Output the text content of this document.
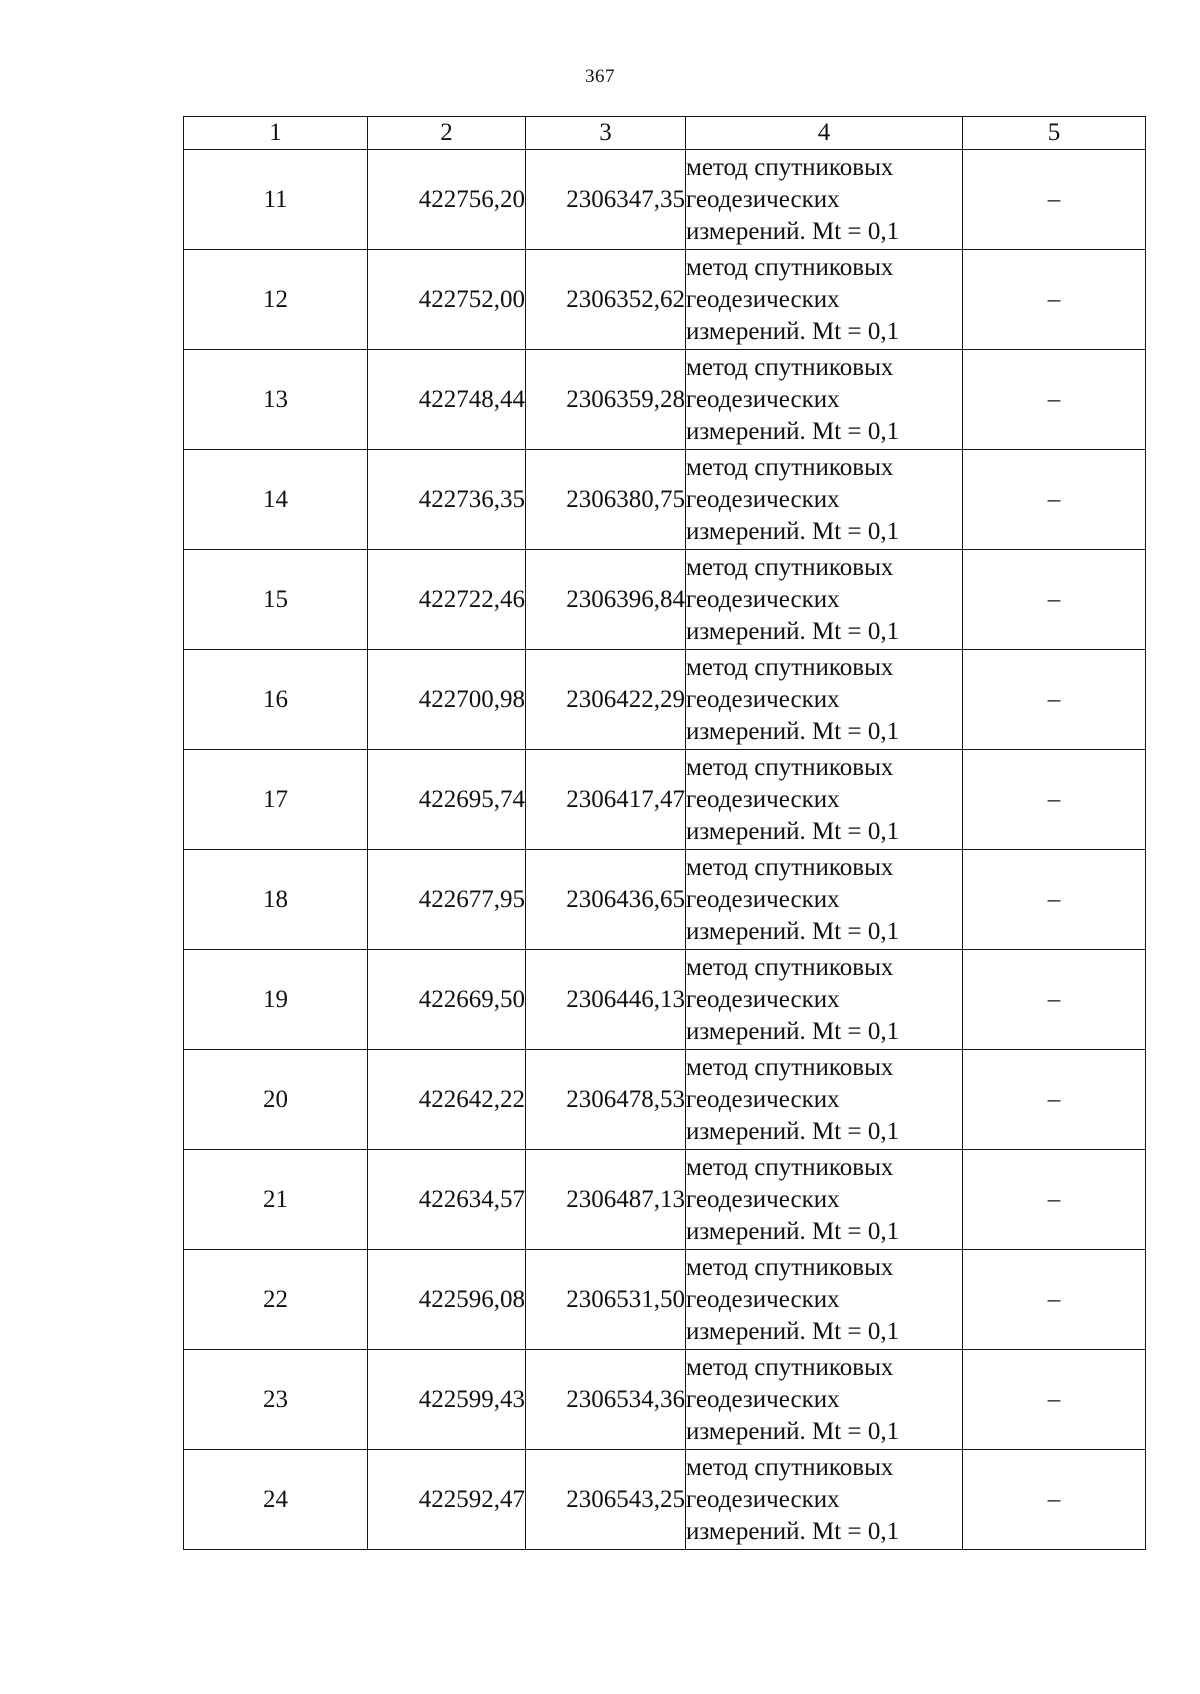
367
1	2	3	4	5
11	422756,20	2306347,35	метод спутниковых
геодезических
измерений. Mt = 0,1	–
12	422752,00	2306352,62	метод спутниковых
геодезических
измерений. Mt = 0,1	–
13	422748,44	2306359,28	метод спутниковых
геодезических
измерений. Mt = 0,1	–
14	422736,35	2306380,75	метод спутниковых
геодезических
измерений. Mt = 0,1	–
15	422722,46	2306396,84	метод спутниковых
геодезических
измерений. Mt = 0,1	–
16	422700,98	2306422,29	метод спутниковых
геодезических
измерений. Mt = 0,1	–
17	422695,74	2306417,47	метод спутниковых
геодезических
измерений. Mt = 0,1	–
18	422677,95	2306436,65	метод спутниковых
геодезических
измерений. Mt = 0,1	–
19	422669,50	2306446,13	метод спутниковых
геодезических
измерений. Mt = 0,1	–
20	422642,22	2306478,53	метод спутниковых
геодезических
измерений. Mt = 0,1	–
21	422634,57	2306487,13	метод спутниковых
геодезических
измерений. Mt = 0,1	–
22	422596,08	2306531,50	метод спутниковых
геодезических
измерений. Mt = 0,1	–
23	422599,43	2306534,36	метод спутниковых
геодезических
измерений. Mt = 0,1	–
24	422592,47	2306543,25	метод спутниковых
геодезических
измерений. Mt = 0,1	–
